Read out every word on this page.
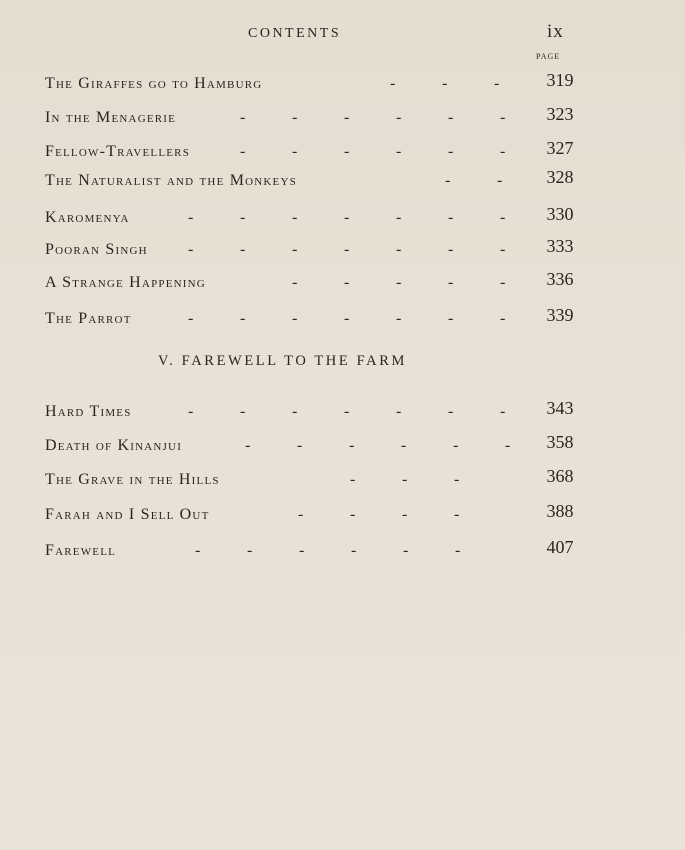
CONTENTS	ix
PAGE
The Giraffes go to Hamburg	-	-	-	319
In the Menagerie	-	-	-	-	-	-	323
Fellow-Travellers	-	-	-	-	-	-	327
The Naturalist and the Monkeys	-	-	328
Karomenya	-	-	-	-	-	-	-	330
Pooran Singh	-	-	-	-	-	-	-	333
A Strange Happening	-	-	-	-	-	336
The Parrot	-	-	-	-	-	-	-	339
V. FAREWELL TO THE FARM
Hard Times	-	-	-	-	-	-	-	343
Death of Kinanjui	-	-	-	-	-	-	358
The Grave in the Hills	-	-	-	368
Farah and I Sell Out	-	-	-	-	388
Farewell	-	-	-	-	-	-	407
